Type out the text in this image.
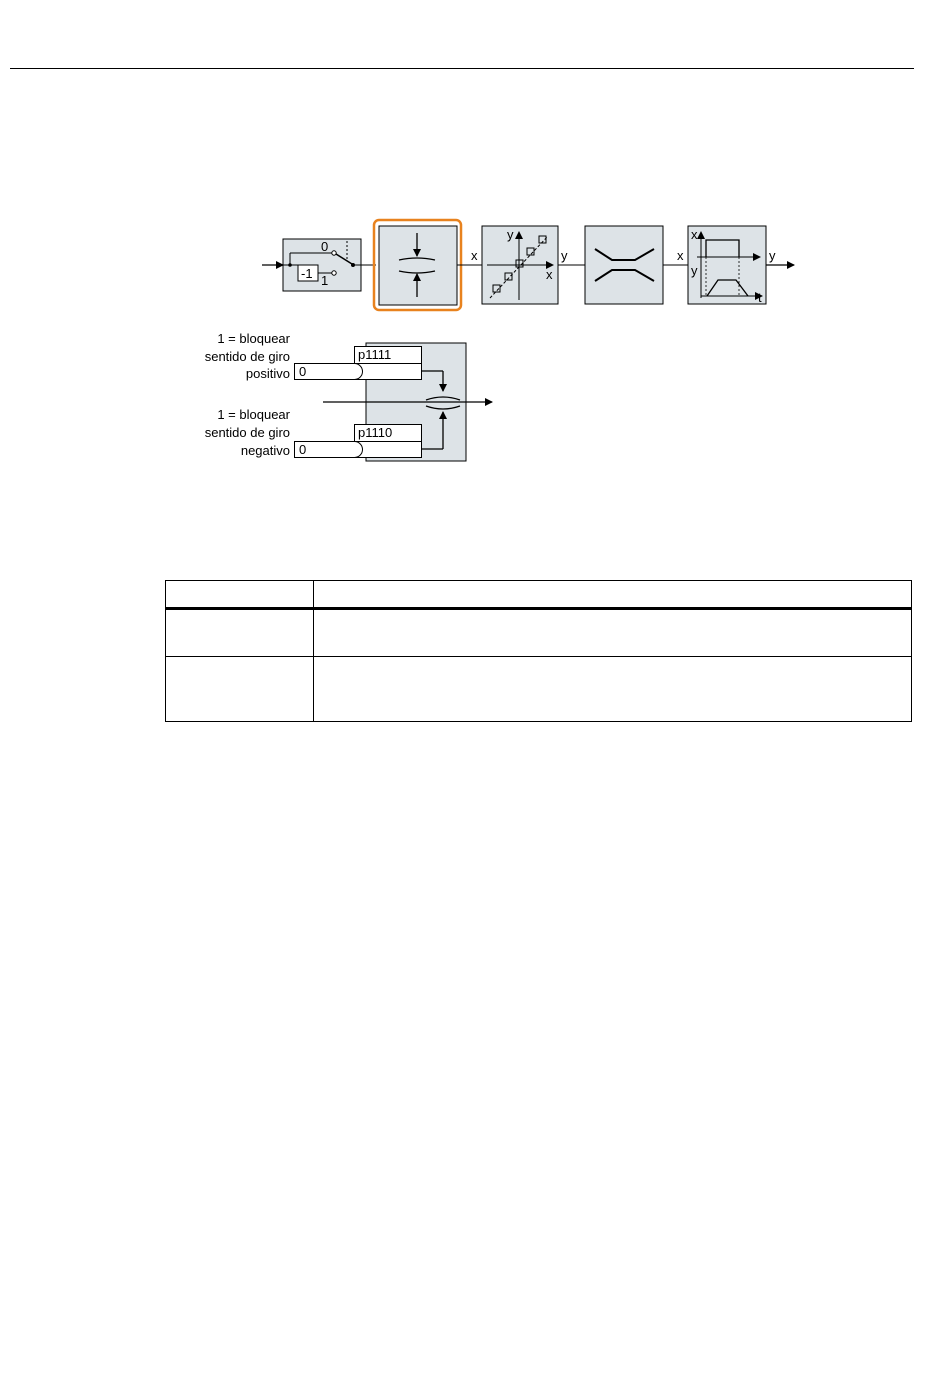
0
1
-1
x	y	x	y
y
x
x
y
t
1 = bloquear
sentido de giro
positivo
1 = bloquear
sentido de giro
negativo
p1111
0
p1110
0
